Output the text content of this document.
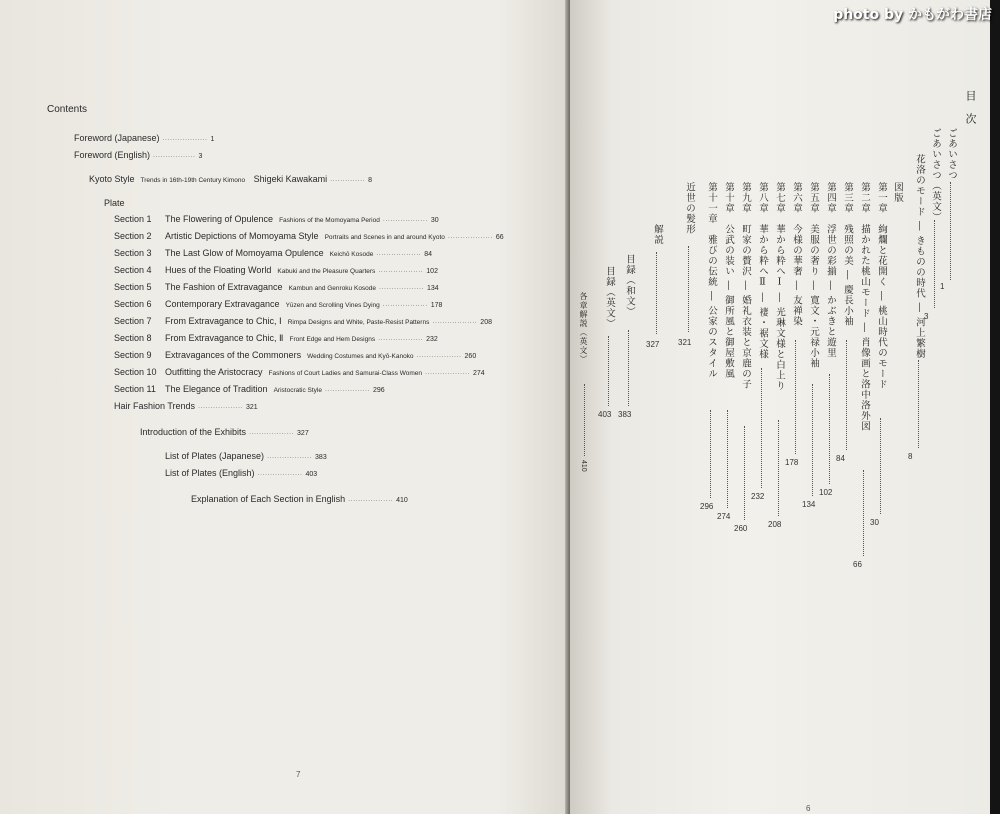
Contents
Foreword (Japanese) ·················· 1
Foreword (English) ················· 3
Kyoto Style Trends in 16th-19th Century Kimono Shigeki Kawakami ·············· 8
Plate
Section 1 The Flowering of Opulence Fashions of the Momoyama Period ·················· 30
Section 2 Artistic Depictions of Momoyama Style Portraits and Scenes in and around Kyoto ·················· 66
Section 3 The Last Glow of Momoyama Opulence Keichō Kosode ·················· 84
Section 4 Hues of the Floating World Kabuki and the Pleasure Quarters ·················· 102
Section 5 The Fashion of Extravagance Kambun and Genroku Kosode ·················· 134
Section 6 Contemporary Extravagance Yūzen and Scrolling Vines Dying ·················· 178
Section 7 From Extravagance to Chic, Ⅰ Rimpa Designs and White, Paste-Resist Patterns ·················· 208
Section 8 From Extravagance to Chic, Ⅱ Front Edge and Hem Designs ·················· 232
Section 9 Extravagances of the Commoners Wedding Costumes and Kyō-Kanoko ·················· 260
Section 10 Outfitting the Aristocracy Fashions of Court Ladies and Samurai-Class Women ·················· 274
Section 11 The Elegance of Tradition Aristocratic Style ·················· 296
Hair Fashion Trends ·················· 321
Introduction of the Exhibits ·················· 327
List of Plates (Japanese) ·················· 383
List of Plates (English) ·················· 403
Explanation of Each Section in English ·················· 410
7
目次
ごあいさつ
1
ごあいさつ（英文）
3
花洛のモード ― きものの時代 ― 河上繁樹
8
図版
第一章　絢爛と花開く ― 桃山時代のモード
30
第二章　描かれた桃山モード ― 肖像画と洛中洛外図
66
第三章　残照の美 ― 慶長小袖
84
第四章　浮世の彩揃 ― かぶきと遊里
102
第五章　美服の奢り ― 寛文・元禄小袖
134
第六章　今様の華奢 ― 友禅染
178
第七章　華から粋へⅠ ― 光琳文様と白上り
208
第八章　華から粋へⅡ ― 褄・裾文様
232
第九章　町家の贅沢 ― 婚礼衣装と京鹿の子
260
第十章　公武の装い ― 御所風と御屋敷風
274
第十一章　雅びの伝統 ― 公家のスタイル
296
近世の髪形
321
解説
327
目録（和文）
383
目録（英文）
403
各章解説（英文）
410
6
photo by かもがわ書店
